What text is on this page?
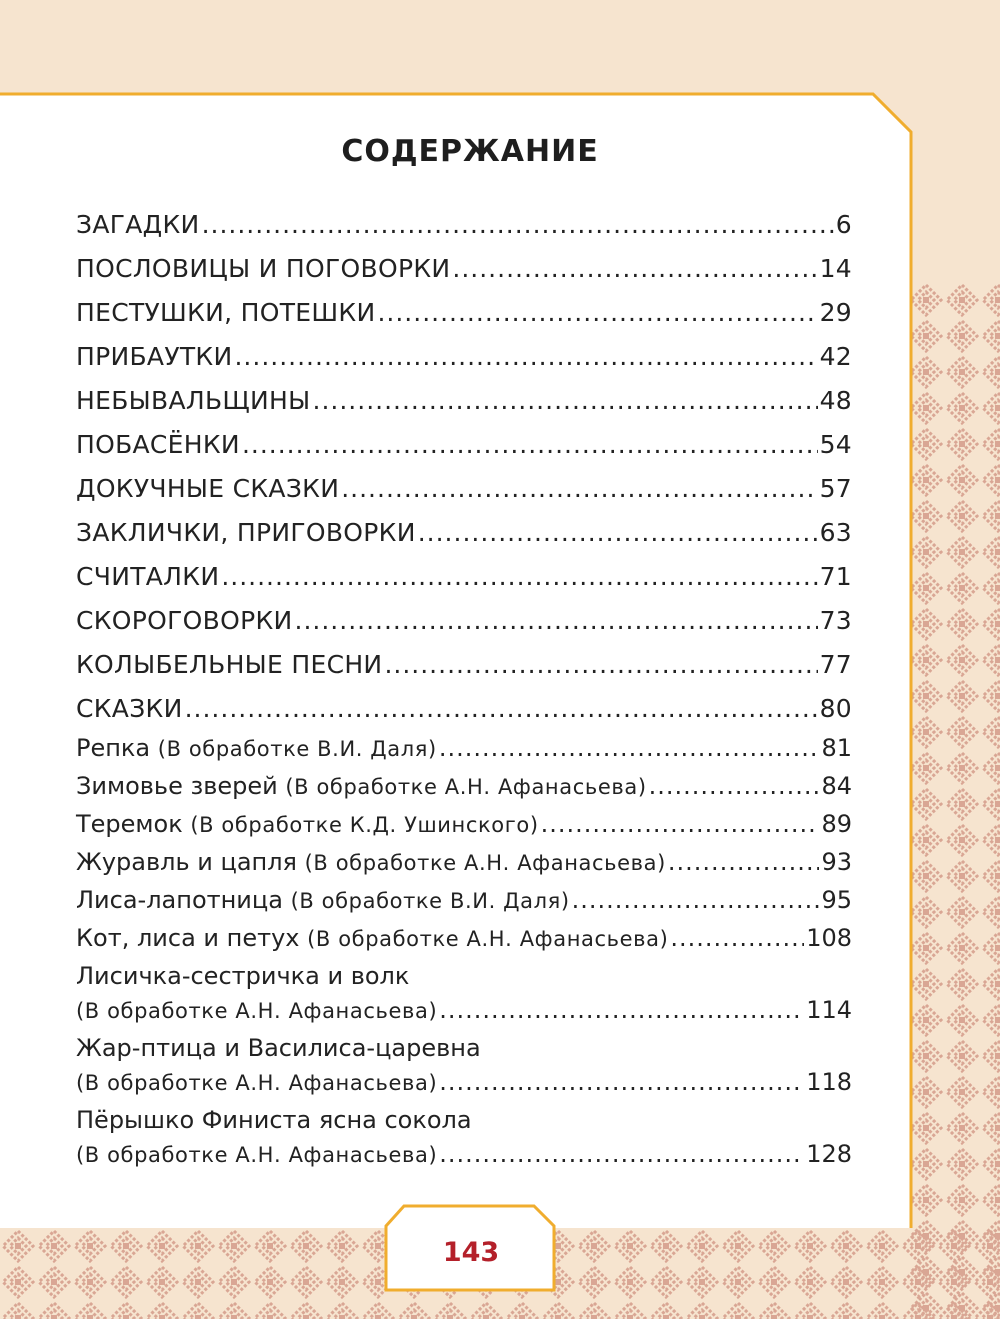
СОДЕРЖАНИЕ
ЗАГАДКИ .....	6
ПОСЛОВИЦЫ И ПОГОВОРКИ .....	14
ПЕСТУШКИ, ПОТЕШКИ .....	29
ПРИБАУТКИ .....	42
НЕБЫВАЛЬЩИНЫ .....	48
ПОБАСЁНКИ .....	54
ДОКУЧНЫЕ СКАЗКИ .....	57
ЗАКЛИЧКИ, ПРИГОВОРКИ .....	63
СЧИТАЛКИ .....	71
СКОРОГОВОРКИ .....	73
КОЛЫБЕЛЬНЫЕ ПЕСНИ .....	77
СКАЗКИ .....	80
Репка
(В обработке В.И. Даля) .....	81
Зимовье зверей
(В обработке А.Н. Афанасьева) .....	84
Теремок
(В обработке К.Д. Ушинского) .....	89
Журавль и цапля
(В обработке А.Н. Афанасьева) .....	93
Лиса-лапотница
(В обработке В.И. Даля) .....	95
Кот, лиса и петух
(В обработке А.Н. Афанасьева) .....	108
Лисичка-сестричка и волк
(В обработке А.Н. Афанасьева) .....	114
Жар-птица и Василиса-царевна
(В обработке А.Н. Афанасьева) .....	118
Пёрышко Финиста ясна сокола
(В обработке А.Н. Афанасьева) .....	128
143
